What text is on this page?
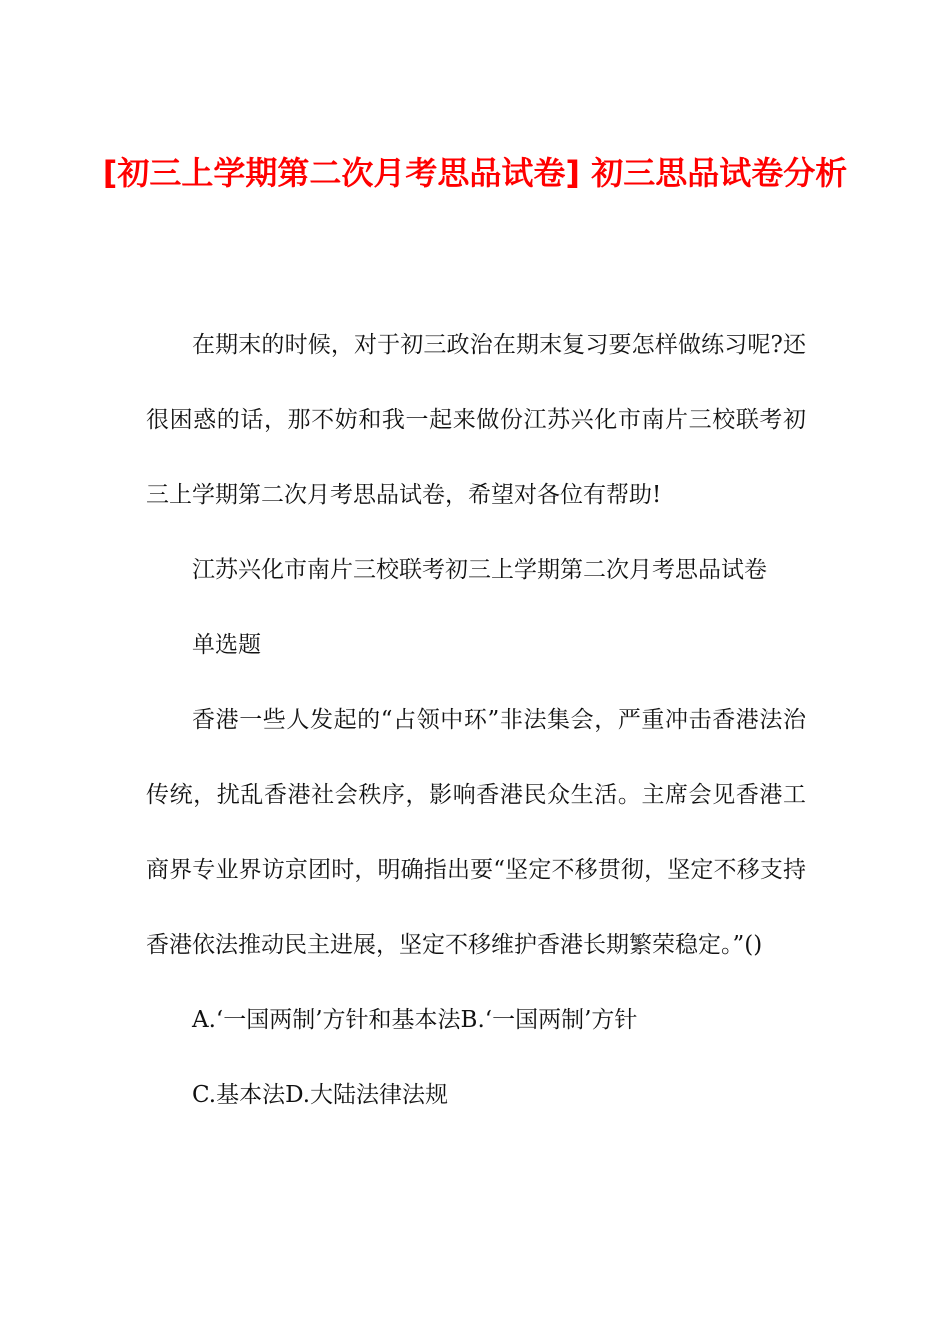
[初三上学期第二次月考思品试卷] 初三思品试卷分析

在期末的时候，对于初三政治在期末复习要怎样做练习呢?还很困惑的话，那不妨和我一起来做份江苏兴化市南片三校联考初三上学期第二次月考思品试卷，希望对各位有帮助!

江苏兴化市南片三校联考初三上学期第二次月考思品试卷

单选题

香港一些人发起的“占领中环”非法集会，严重冲击香港法治传统，扰乱香港社会秩序，影响香港民众生活。主席会见香港工商界专业界访京团时，明确指出要“坚定不移贯彻，坚定不移支持香港依法推动民主进展，坚定不移维护香港长期繁荣稳定。”()

A.‘一国两制’方针和基本法B.‘一国两制’方针

C.基本法D.大陆法律法规
